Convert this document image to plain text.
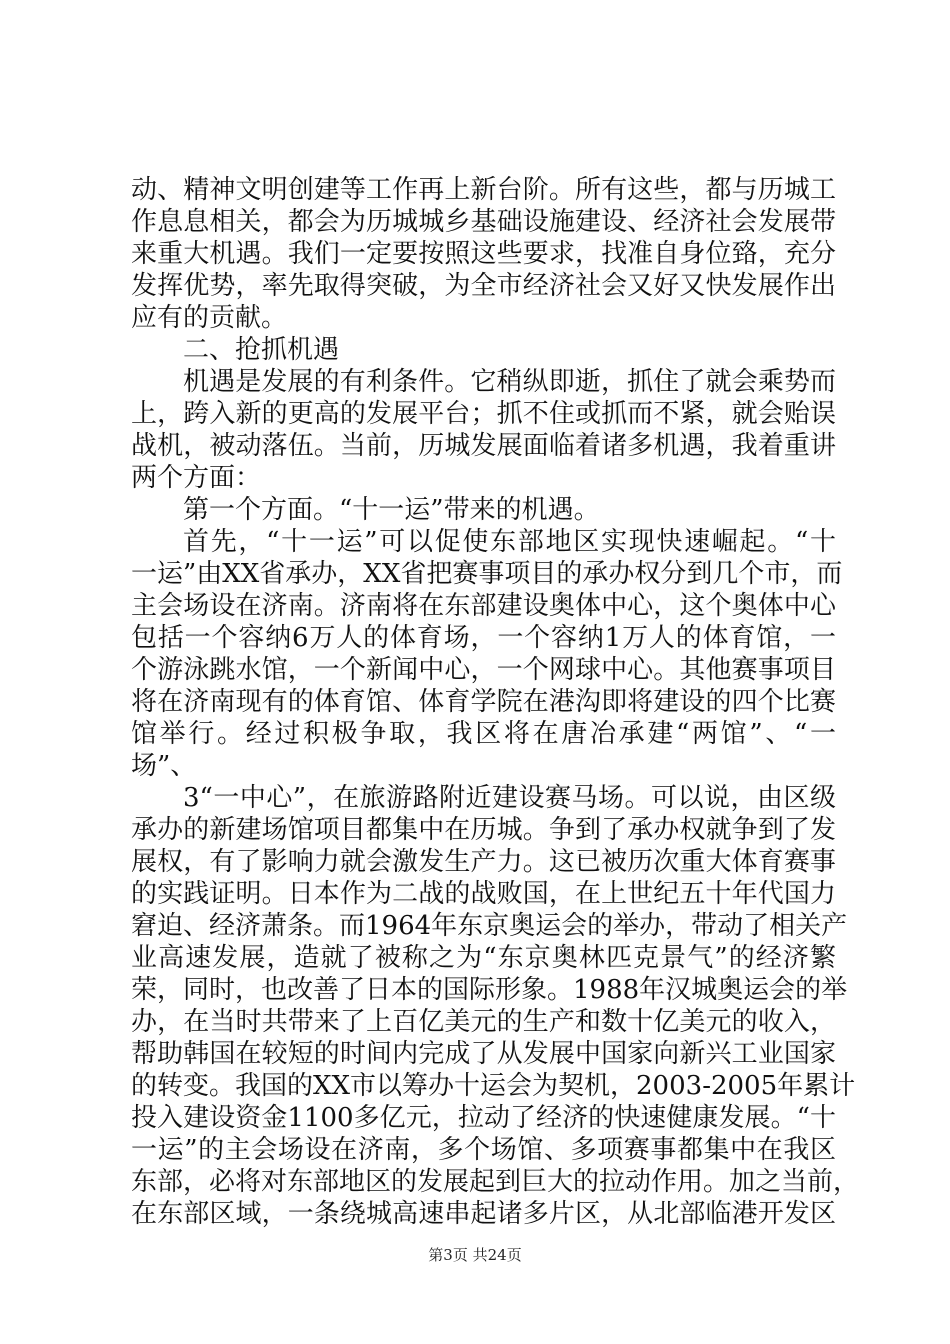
动、精神文明创建等工作再上新台阶。所有这些，都与历城工

作息息相关，都会为历城城乡基础设施建设、经济社会发展带

来重大机遇。我们一定要按照这些要求，找准自身位臵，充分

发挥优势，率先取得突破，为全市经济社会又好又快发展作出

应有的贡献。

二、抢抓机遇

机遇是发展的有利条件。它稍纵即逝，抓住了就会乘势而

上，跨入新的更高的发展平台；抓不住或抓而不紧，就会贻误

战机，被动落伍。当前，历城发展面临着诸多机遇，我着重讲

两个方面：

第一个方面。“十一运”带来的机遇。

首先，“十一运”可以促使东部地区实现快速崛起。“十

一运”由XX省承办，XX省把赛事项目的承办权分到几个市，而

主会场设在济南。济南将在东部建设奥体中心，这个奥体中心

包括一个容纳6万人的体育场，一个容纳1万人的体育馆，一

个游泳跳水馆，一个新闻中心，一个网球中心。其他赛事项目

将在济南现有的体育馆、体育学院在港沟即将建设的四个比赛

馆举行。经过积极争取，我区将在唐冶承建“两馆”、“一

场”、

3“一中心”，在旅游路附近建设赛马场。可以说，由区级

承办的新建场馆项目都集中在历城。争到了承办权就争到了发

展权，有了影响力就会激发生产力。这已被历次重大体育赛事

的实践证明。日本作为二战的战败国，在上世纪五十年代国力

窘迫、经济萧条。而1964年东京奥运会的举办，带动了相关产

业高速发展，造就了被称之为“东京奥林匹克景气”的经济繁

荣，同时，也改善了日本的国际形象。1988年汉城奥运会的举

办，在当时共带来了上百亿美元的生产和数十亿美元的收入，

帮助韩国在较短的时间内完成了从发展中国家向新兴工业国家

的转变。我国的XX市以筹办十运会为契机，2003-2005年累计

投入建设资金1100多亿元，拉动了经济的快速健康发展。“十

一运”的主会场设在济南，多个场馆、多项赛事都集中在我区

东部，必将对东部地区的发展起到巨大的拉动作用。加之当前，

在东部区域，一条绕城高速串起诸多片区，从北部临港开发区

第3页 共24页
